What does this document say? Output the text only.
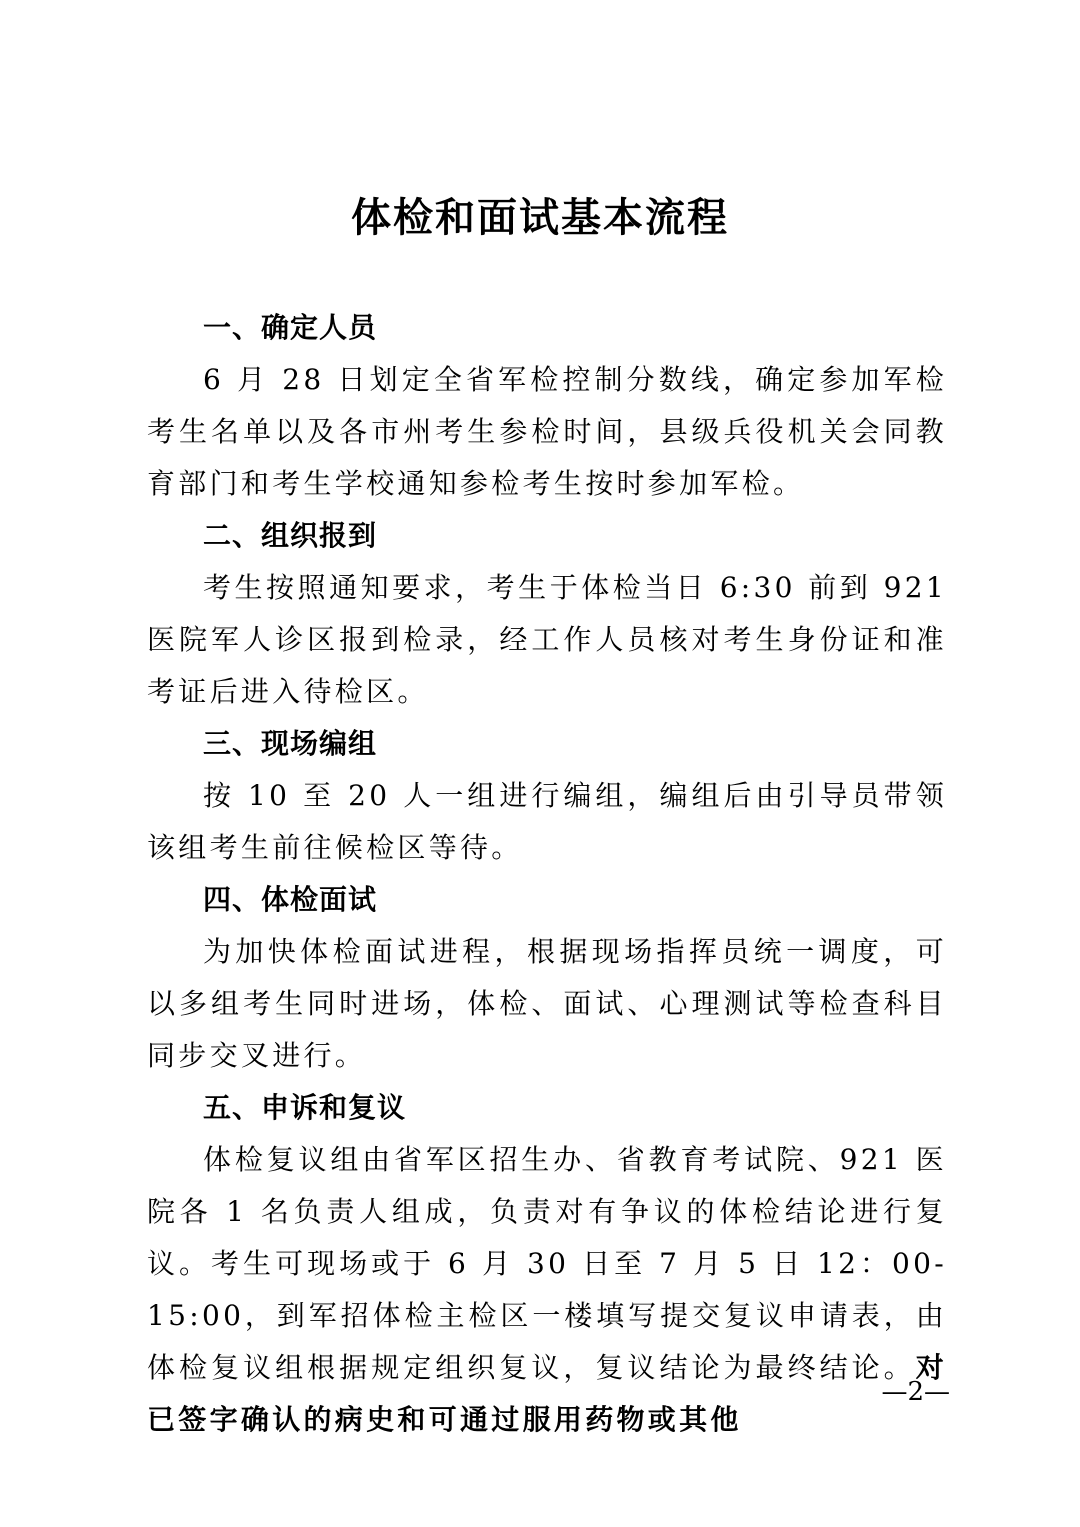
体检和面试基本流程
一、确定人员

6 月 28 日划定全省军检控制分数线，确定参加军检考生名单以及各市州考生参检时间，县级兵役机关会同教育部门和考生学校通知参检考生按时参加军检。

二、组织报到

考生按照通知要求，考生于体检当日 6:30 前到 921 医院军人诊区报到检录，经工作人员核对考生身份证和准考证后进入待检区。

三、现场编组

按 10 至 20 人一组进行编组，编组后由引导员带领该组考生前往候检区等待。

四、体检面试

为加快体检面试进程，根据现场指挥员统一调度，可以多组考生同时进场，体检、面试、心理测试等检查科目同步交叉进行。

五、申诉和复议

体检复议组由省军区招生办、省教育考试院、921 医院各 1 名负责人组成，负责对有争议的体检结论进行复议。考生可现场或于 6 月 30 日至 7 月 5 日 12：00-15:00，到军招体检主检区一楼填写提交复议申请表，由体检复议组根据规定组织复议，复议结论为最终结论。对已签字确认的病史和可通过服用药物或其他

—2—
